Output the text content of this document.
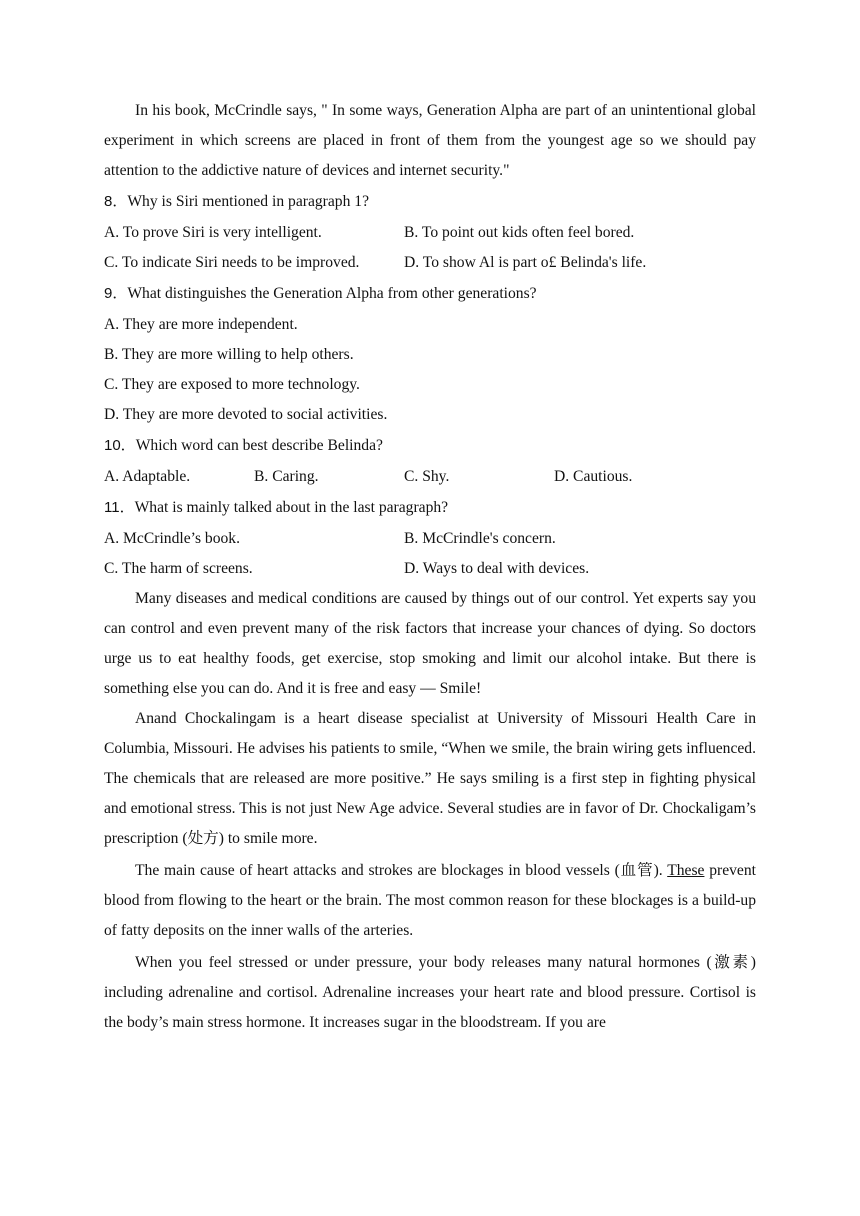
In his book, McCrindle says, " In some ways, Generation Alpha are part of an unintentional global experiment in which screens are placed in front of them from the youngest age so we should pay attention to the addictive nature of devices and internet security."

8．Why is Siri mentioned in paragraph 1?

A. To prove Siri is very intelligent.	B. To point out kids often feel bored.
C. To indicate Siri needs to be improved.	D. To show Al is part o£ Belinda's life.

9．What distinguishes the Generation Alpha from other generations?

A. They are more independent.

B. They are more willing to help others.

C. They are exposed to more technology.

D. They are more devoted to social activities.

10．Which word can best describe Belinda?

A. Adaptable.	B. Caring.	C. Shy.	D. Cautious.

11．What is mainly talked about in the last paragraph?

A. McCrindle’s book.	B. McCrindle's concern.
C. The harm of screens.	D. Ways to deal with devices.

Many diseases and medical conditions are caused by things out of our control. Yet experts say you can control and even prevent many of the risk factors that increase your chances of dying. So doctors urge us to eat healthy foods, get exercise, stop smoking and limit our alcohol intake. But there is something else you can do. And it is free and easy — Smile!

Anand Chockalingam is a heart disease specialist at University of Missouri Health Care in Columbia, Missouri. He advises his patients to smile, “When we smile, the brain wiring gets influenced. The chemicals that are released are more positive.” He says smiling is a first step in fighting physical and emotional stress. This is not just New Age advice. Several studies are in favor of Dr. Chockaligam’s prescription (处方) to smile more.

The main cause of heart attacks and strokes are blockages in blood vessels (血管). These prevent blood from flowing to the heart or the brain. The most common reason for these blockages is a build-up of fatty deposits on the inner walls of the arteries.

When you feel stressed or under pressure, your body releases many natural hormones (激素) including adrenaline and cortisol. Adrenaline increases your heart rate and blood pressure. Cortisol is the body’s main stress hormone. It increases sugar in the bloodstream. If you are
